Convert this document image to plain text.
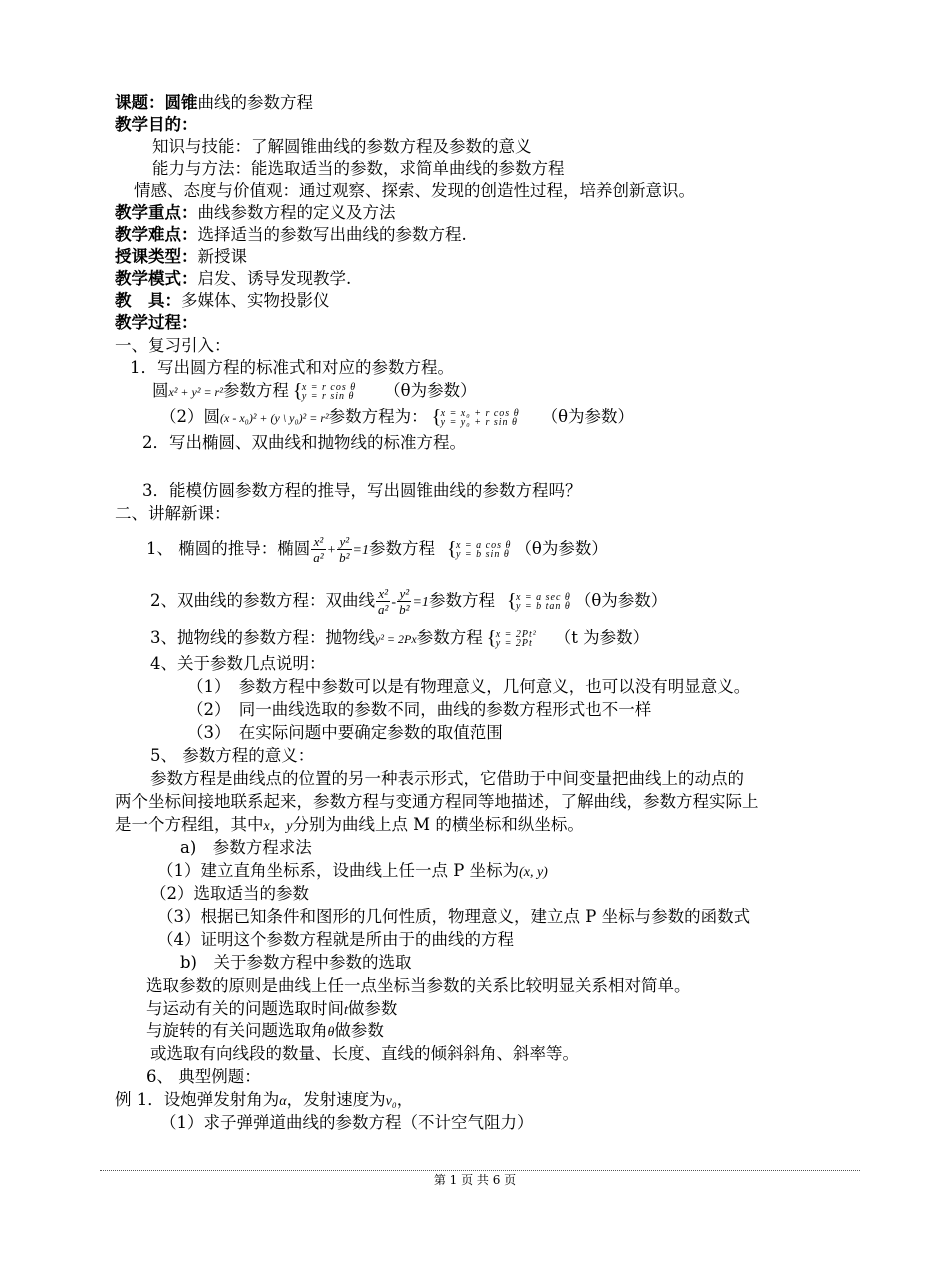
课题：圆锥曲线的参数方程
教学目的：
知识与技能：了解圆锥曲线的参数方程及参数的意义
能力与方法：能选取适当的参数，求简单曲线的参数方程
情感、态度与价值观：通过观察、探索、发现的创造性过程，培养创新意识。
教学重点：曲线参数方程的定义及方法
教学难点：选择适当的参数写出曲线的参数方程.
授课类型：新授课
教学模式：启发、诱导发现教学.
教　具：多媒体、实物投影仪
教学过程：
一、复习引入：
1．写出圆方程的标准式和对应的参数方程。
圆x² + y² = r²参数方程 { x = r cos θ
y = r sin θ （θ为参数）
（2）圆(x - x₀)² + (y \ y₀)² = r²参数方程为： { x = x₀ + r cos θ
y = y₀ + r sin θ （θ为参数）
2．写出椭圆、双曲线和抛物线的标准方程。
3．能模仿圆参数方程的推导，写出圆锥曲线的参数方程吗？
二、讲解新课：
1、 椭圆的推导：椭圆 $\frac{\text{x²}}{\text{a²}} + \frac{\text{y²}}{\text{b²}} =1$参数方程 { x = a cos θ
y = b sin θ （θ为参数）
2、双曲线的参数方程：双曲线 $\frac{\text{x²}}{\text{a²}} - \frac{\text{y²}}{\text{b²}} =1$参数方程 { x = a sec θ
y = b tan θ （θ为参数）
3、抛物线的参数方程：抛物线y² = 2Px参数方程 { x = 2Pt²
y = 2Pt （t 为参数）
4、关于参数几点说明：
（1）　参数方程中参数可以是有物理意义，几何意义，也可以没有明显意义。
（2）　同一曲线选取的参数不同，曲线的参数方程形式也不一样
（3）　在实际问题中要确定参数的取值范围
5、 参数方程的意义：
参数方程是曲线点的位置的另一种表示形式，它借助于中间变量把曲线上的动点的
两个坐标间接地联系起来，参数方程与变通方程同等地描述，了解曲线，参数方程实际上
是一个方程组，其中x，y分别为曲线上点 M 的横坐标和纵坐标。
a)　参数方程求法
（1）建立直角坐标系，设曲线上任一点 P 坐标为(x, y)
（2）选取适当的参数
（3）根据已知条件和图形的几何性质，物理意义，建立点 P 坐标与参数的函数式
（4）证明这个参数方程就是所由于的曲线的方程
b)　关于参数方程中参数的选取
选取参数的原则是曲线上任一点坐标当参数的关系比较明显关系相对简单。
与运动有关的问题选取时间t做参数
与旋转的有关问题选取角θ做参数
或选取有向线段的数量、长度、直线的倾斜斜角、斜率等。
6、 典型例题：
例 1．设炮弹发射角为α，发射速度为v₀，
（1）求子弹弹道曲线的参数方程（不计空气阻力）
第 1 页 共 6 页
